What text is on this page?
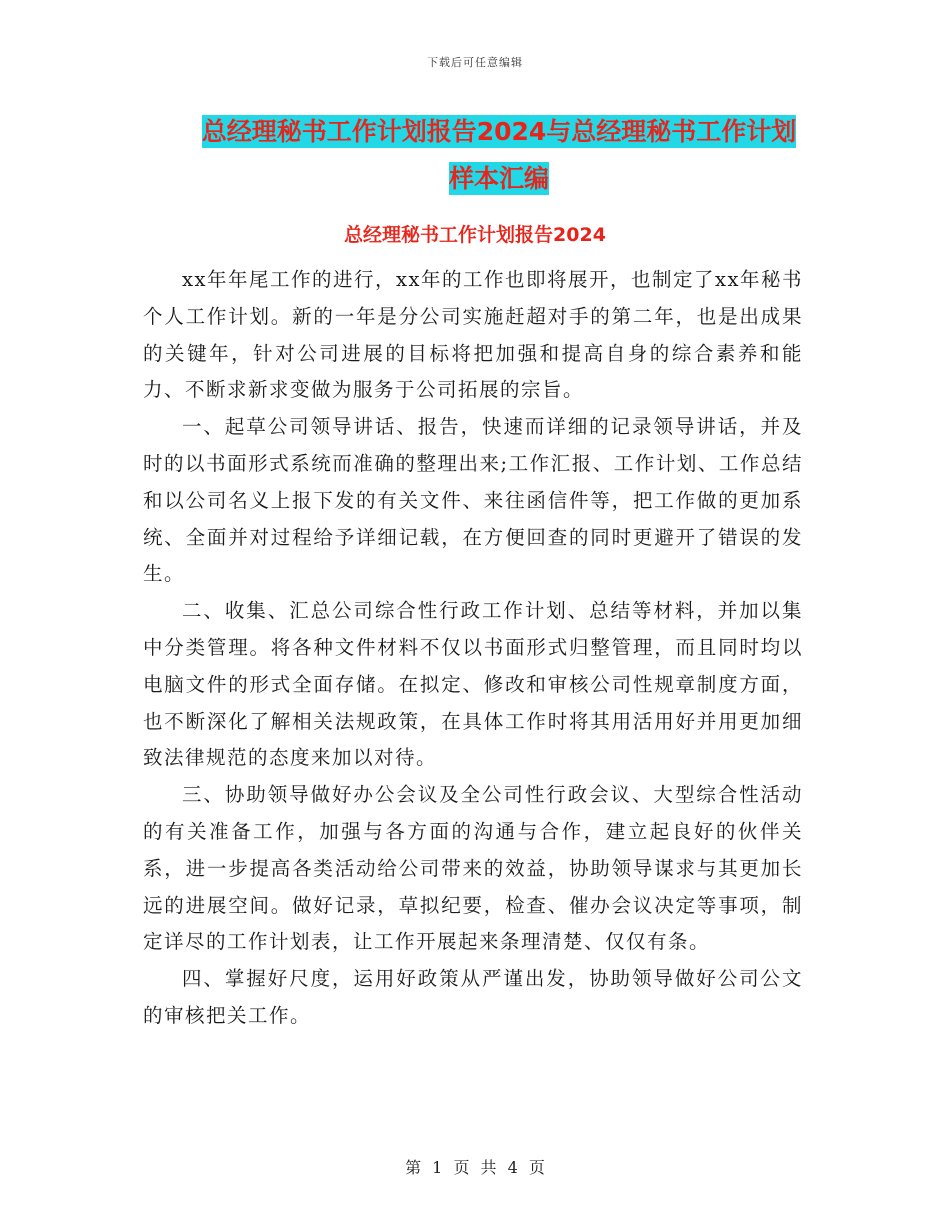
下载后可任意编辑
总经理秘书工作计划报告2024与总经理秘书工作计划
样本汇编
总经理秘书工作计划报告2024

xx年年尾工作的进行，xx年的工作也即将展开，也制定了xx年秘书个人工作计划。新的一年是分公司实施赶超对手的第二年，也是出成果的关键年，针对公司进展的目标将把加强和提高自身的综合素养和能力、不断求新求变做为服务于公司拓展的宗旨。

一、起草公司领导讲话、报告，快速而详细的记录领导讲话，并及时的以书面形式系统而准确的整理出来;工作汇报、工作计划、工作总结和以公司名义上报下发的有关文件、来往函信件等，把工作做的更加系统、全面并对过程给予详细记载，在方便回查的同时更避开了错误的发生。

二、收集、汇总公司综合性行政工作计划、总结等材料，并加以集中分类管理。将各种文件材料不仅以书面形式归整管理，而且同时均以电脑文件的形式全面存储。在拟定、修改和审核公司性规章制度方面，也不断深化了解相关法规政策，在具体工作时将其用活用好并用更加细致法律规范的态度来加以对待。

三、协助领导做好办公会议及全公司性行政会议、大型综合性活动的有关准备工作，加强与各方面的沟通与合作，建立起良好的伙伴关系，进一步提高各类活动给公司带来的效益，协助领导谋求与其更加长远的进展空间。做好记录，草拟纪要，检查、催办会议决定等事项，制定详尽的工作计划表，让工作开展起来条理清楚、仅仅有条。

四、掌握好尺度，运用好政策从严谨出发，协助领导做好公司公文的审核把关工作。

第 1 页 共 4 页
